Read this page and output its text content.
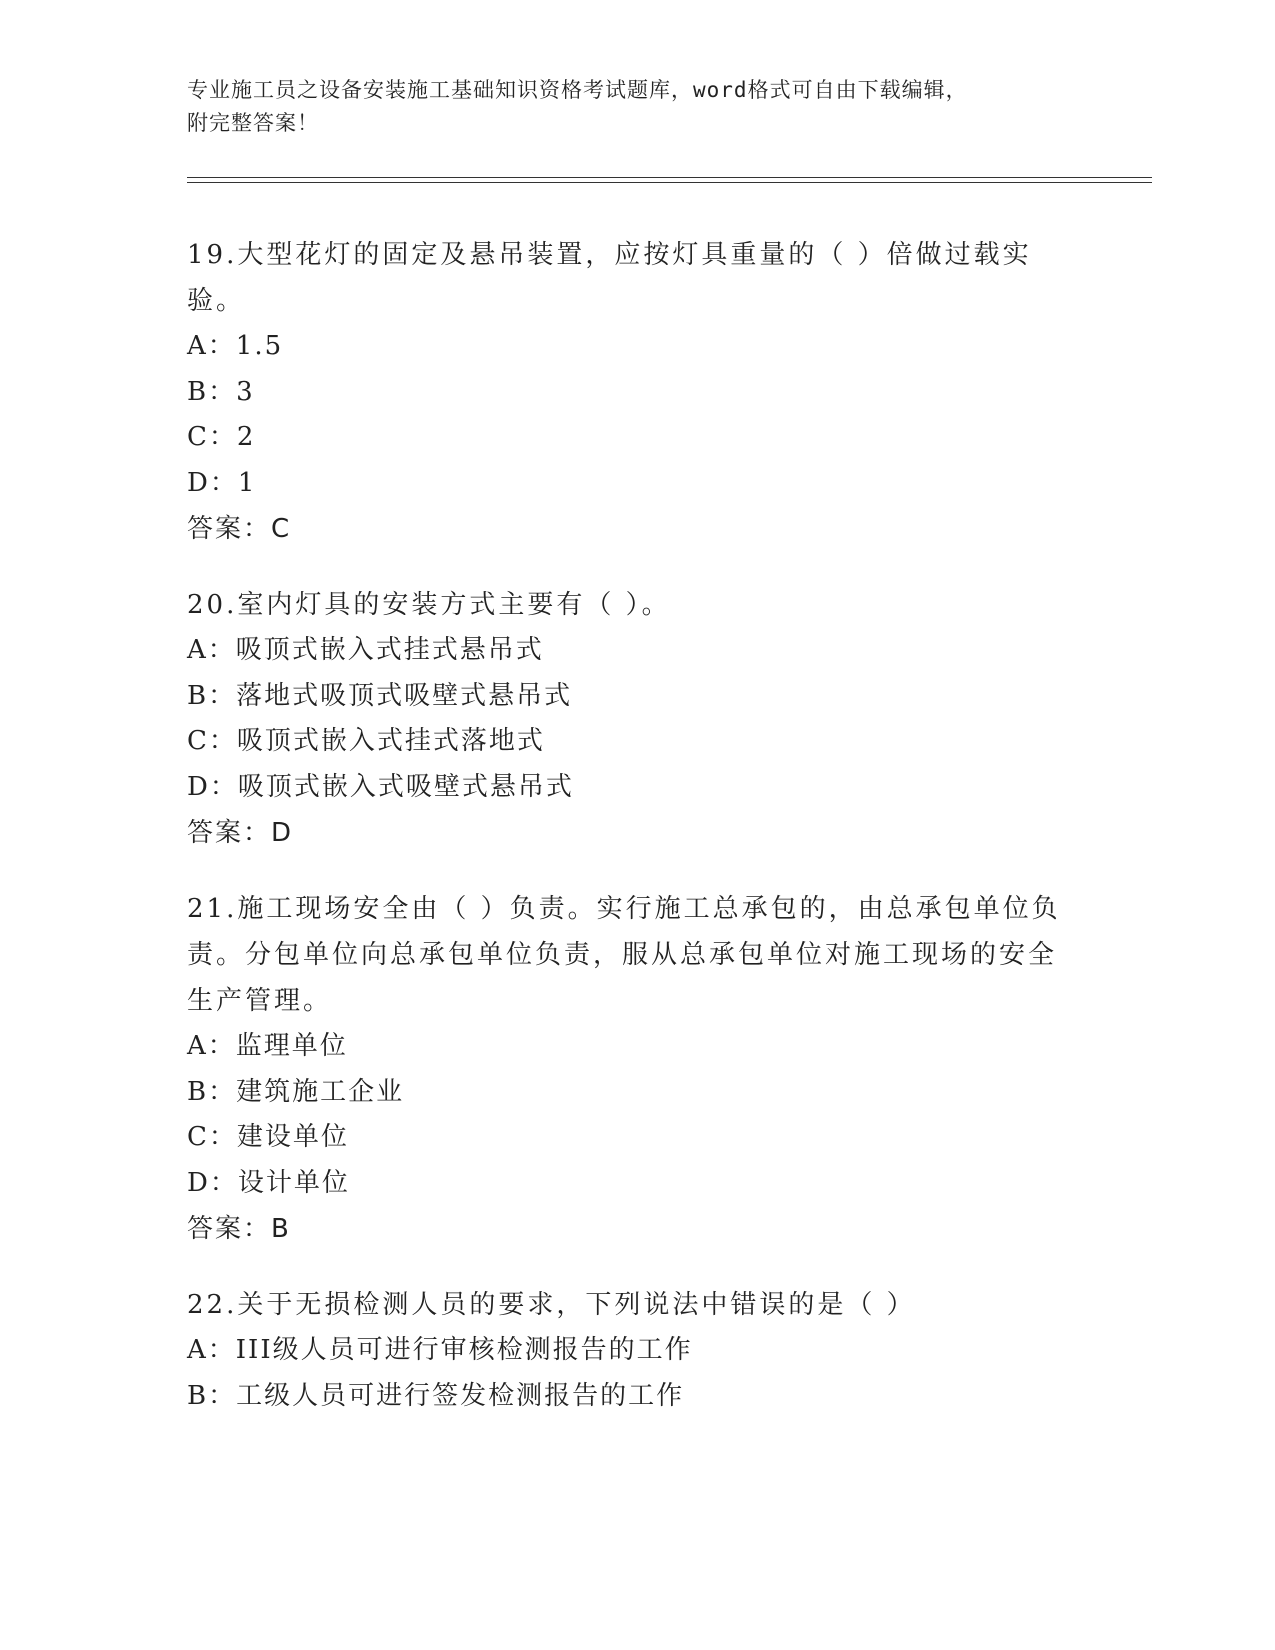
专业施工员之设备安装施工基础知识资格考试题库，word格式可自由下载编辑，
附完整答案！

19.大型花灯的固定及悬吊装置，应按灯具重量的（ ）倍做过载实验。

A：1.5

B：3

C：2

D：1

答案：C

20.室内灯具的安装方式主要有（ ）。

A：吸顶式嵌入式挂式悬吊式

B：落地式吸顶式吸壁式悬吊式

C：吸顶式嵌入式挂式落地式

D：吸顶式嵌入式吸壁式悬吊式

答案：D

21.施工现场安全由（ ）负责。实行施工总承包的，由总承包单位负责。分包单位向总承包单位负责，服从总承包单位对施工现场的安全生产管理。

A：监理单位

B：建筑施工企业

C：建设单位

D：设计单位

答案：B

22.关于无损检测人员的要求，下列说法中错误的是（ ）

A：III级人员可进行审核检测报告的工作

B：工级人员可进行签发检测报告的工作
